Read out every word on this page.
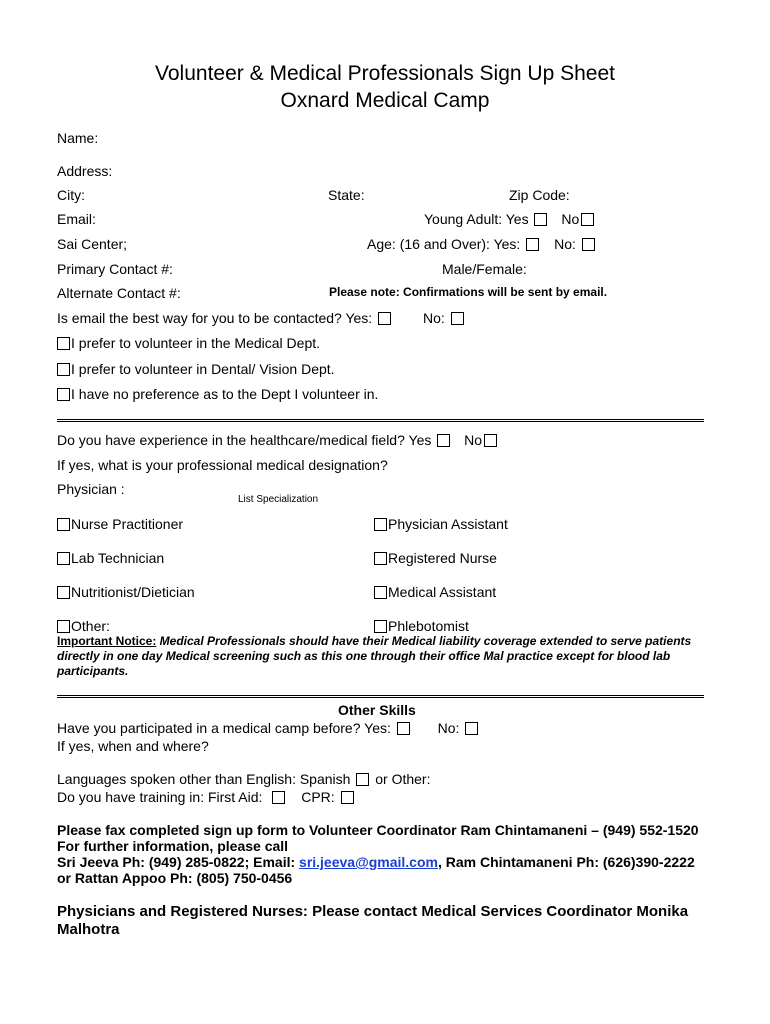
Volunteer & Medical Professionals Sign Up Sheet
Oxnard Medical Camp
Name:
Address:
City:	State:	Zip Code:
Email:	Young Adult: Yes No
Sai Center;	Age: (16 and Over): Yes: No:
Primary Contact #:	Male/Female:
Alternate Contact #:	Please note: Confirmations will be sent by email.
Is email the best way for you to be contacted? Yes:	No:
I prefer to volunteer in the Medical Dept.
I prefer to volunteer in Dental/ Vision Dept.
I have no preference as to the Dept I volunteer in.
Do you have experience in the healthcare/medical field? Yes No
If yes, what is your professional medical designation?
Physician :
List Specialization
Nurse Practitioner	Physician Assistant
Lab Technician	Registered Nurse
Nutritionist/Dietician	Medical Assistant
Other:	Phlebotomist
Important Notice: Medical Professionals should have their Medical liability coverage extended to serve patients directly in one day Medical screening such as this one through their office Mal practice except for blood lab participants.
Other Skills
Have you participated in a medical camp before? Yes:	No:
If yes, when and where?
Languages spoken other than English: Spanish or Other:
Do you have training in: First Aid:	CPR:
Please fax completed sign up form to Volunteer Coordinator Ram Chintamaneni – (949) 552-1520
For further information, please call
Sri Jeeva Ph: (949) 285-0822; Email: sri.jeeva@gmail.com, Ram Chintamaneni Ph: (626)390-2222
or Rattan Appoo Ph: (805) 750-0456
Physicians and Registered Nurses: Please contact Medical Services Coordinator Monika Malhotra
